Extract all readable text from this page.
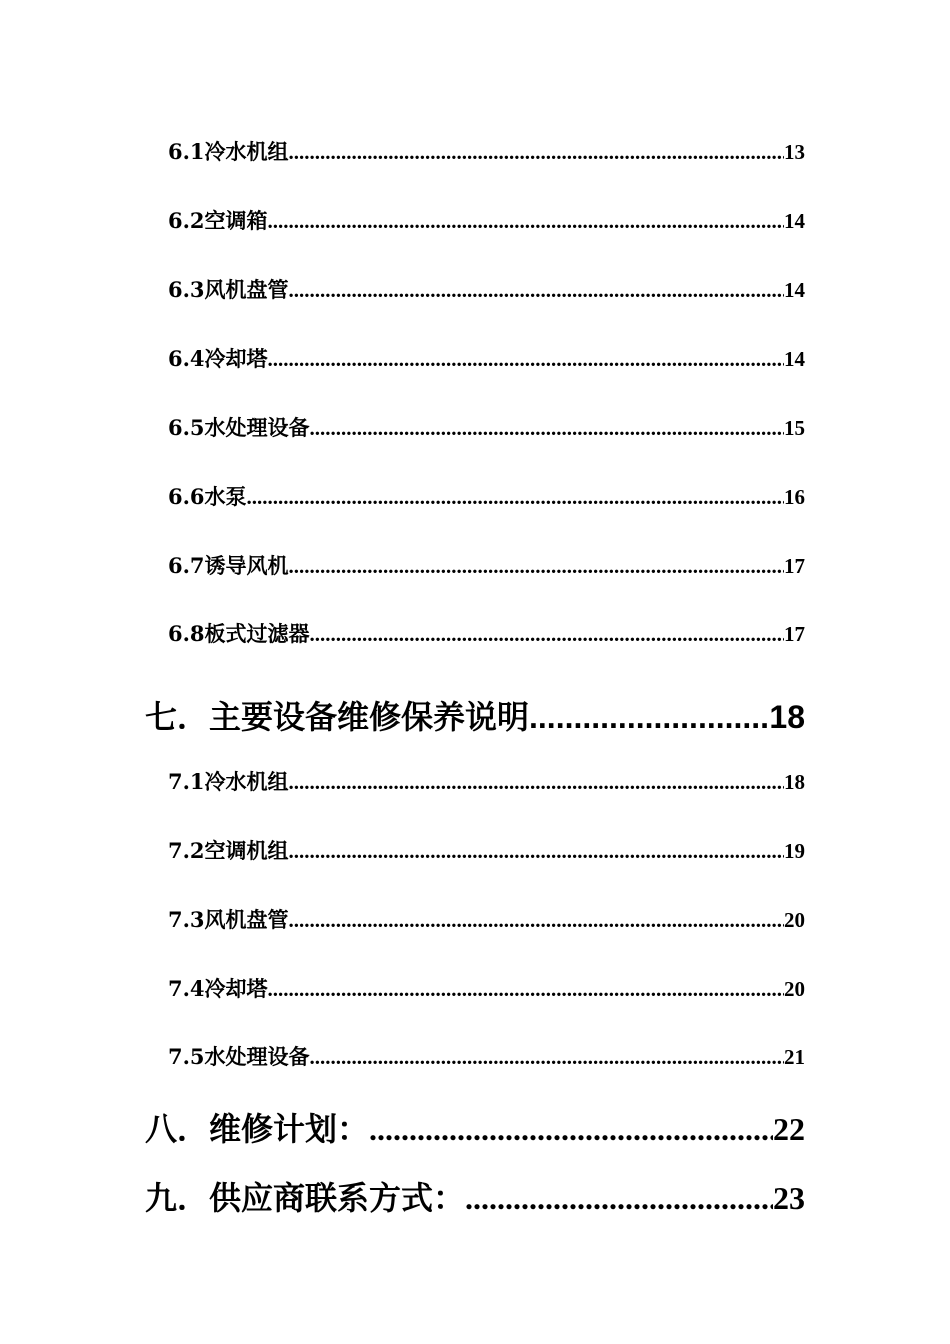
6.1冷水机组 .....	13
6.2空调箱 .....	14
6.3风机盘管 .....	14
6.4冷却塔 .....	14
6.5水处理设备 .....	15
6.6水泵 .....	16
6.7诱导风机 .....	17
6.8板式过滤器 .....	17
七．主要设备维修保养说明 .....	18
7.1冷水机组 .....	18
7.2空调机组 .....	19
7.3风机盘管 .....	20
7.4冷却塔 .....	20
7.5水处理设备 .....	21
八．维修计划： .....	22
九．供应商联系方式： .....	23
